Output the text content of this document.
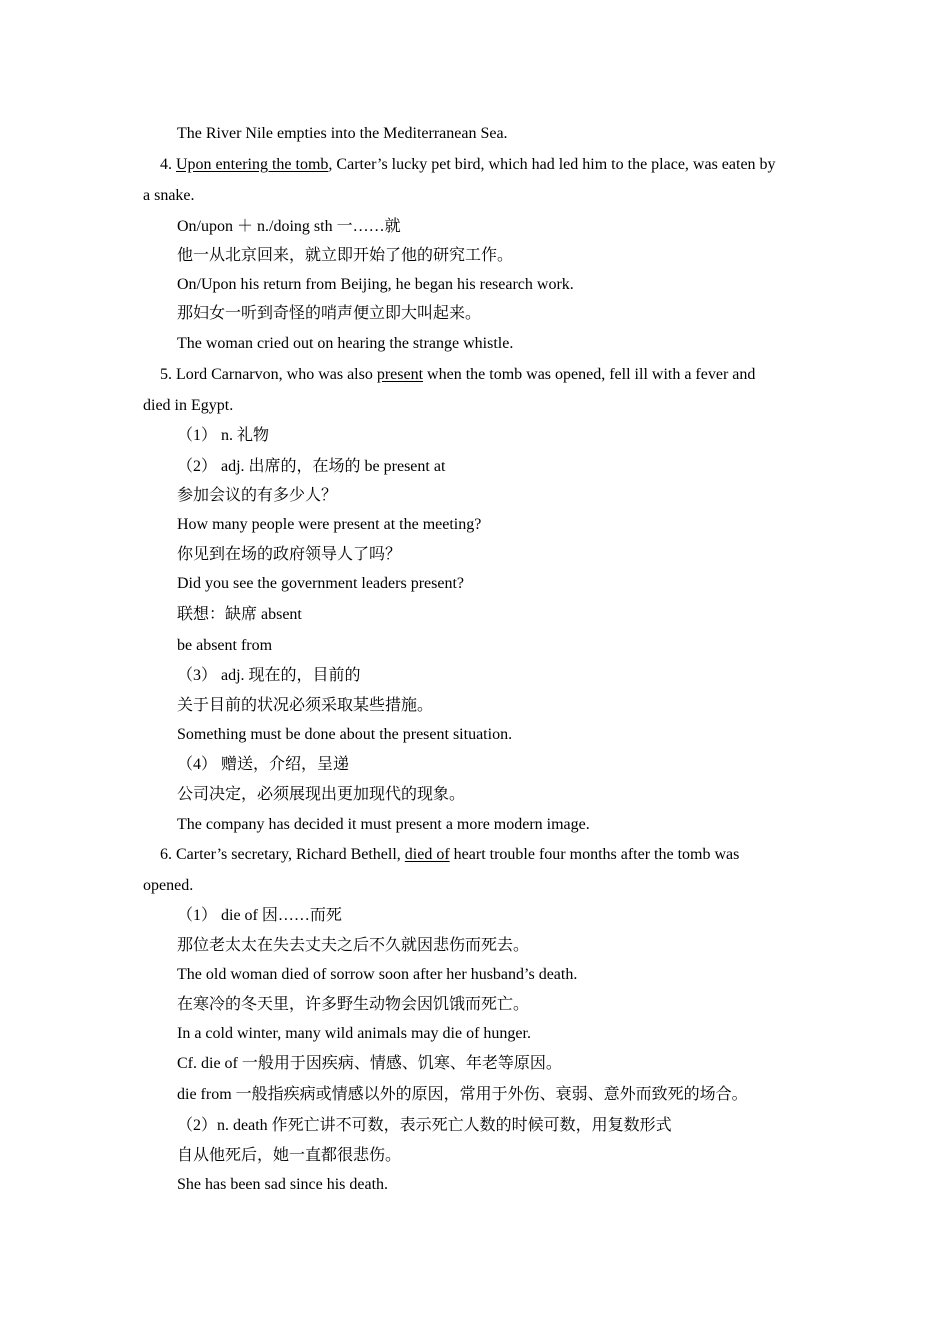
The River Nile empties into the Mediterranean Sea.
4. Upon entering the tomb, Carter’s lucky pet bird, which had led him to the place, was eaten by
a snake.
On/upon ＋ n./doing sth 一……就
他一从北京回来，就立即开始了他的研究工作。
On/Upon his return from Beijing, he began his research work.
那妇女一听到奇怪的哨声便立即大叫起来。
The woman cried out on hearing the strange whistle.
5. Lord Carnarvon, who was also present when the tomb was opened, fell ill with a fever and
died in Egypt.
（1） n. 礼物
（2） adj. 出席的，在场的 be present at
参加会议的有多少人？
How many people were present at the meeting?
你见到在场的政府领导人了吗？
Did you see the government leaders present?
联想：缺席 absent
be absent from
（3） adj. 现在的，目前的
关于目前的状况必须采取某些措施。
Something must be done about the present situation.
（4） 赠送，介绍，呈递
公司决定，必须展现出更加现代的现象。
The company has decided it must present a more modern image.
6. Carter’s secretary, Richard Bethell, died of heart trouble four months after the tomb was
opened.
（1） die of 因……而死
那位老太太在失去丈夫之后不久就因悲伤而死去。
The old woman died of sorrow soon after her husband’s death.
在寒冷的冬天里，许多野生动物会因饥饿而死亡。
In a cold winter, many wild animals may die of hunger.
Cf. die of 一般用于因疾病、情感、饥寒、年老等原因。
die from 一般指疾病或情感以外的原因，常用于外伤、衰弱、意外而致死的场合。
（2）n. death 作死亡讲不可数，表示死亡人数的时候可数，用复数形式
自从他死后，她一直都很悲伤。
She has been sad since his death.
